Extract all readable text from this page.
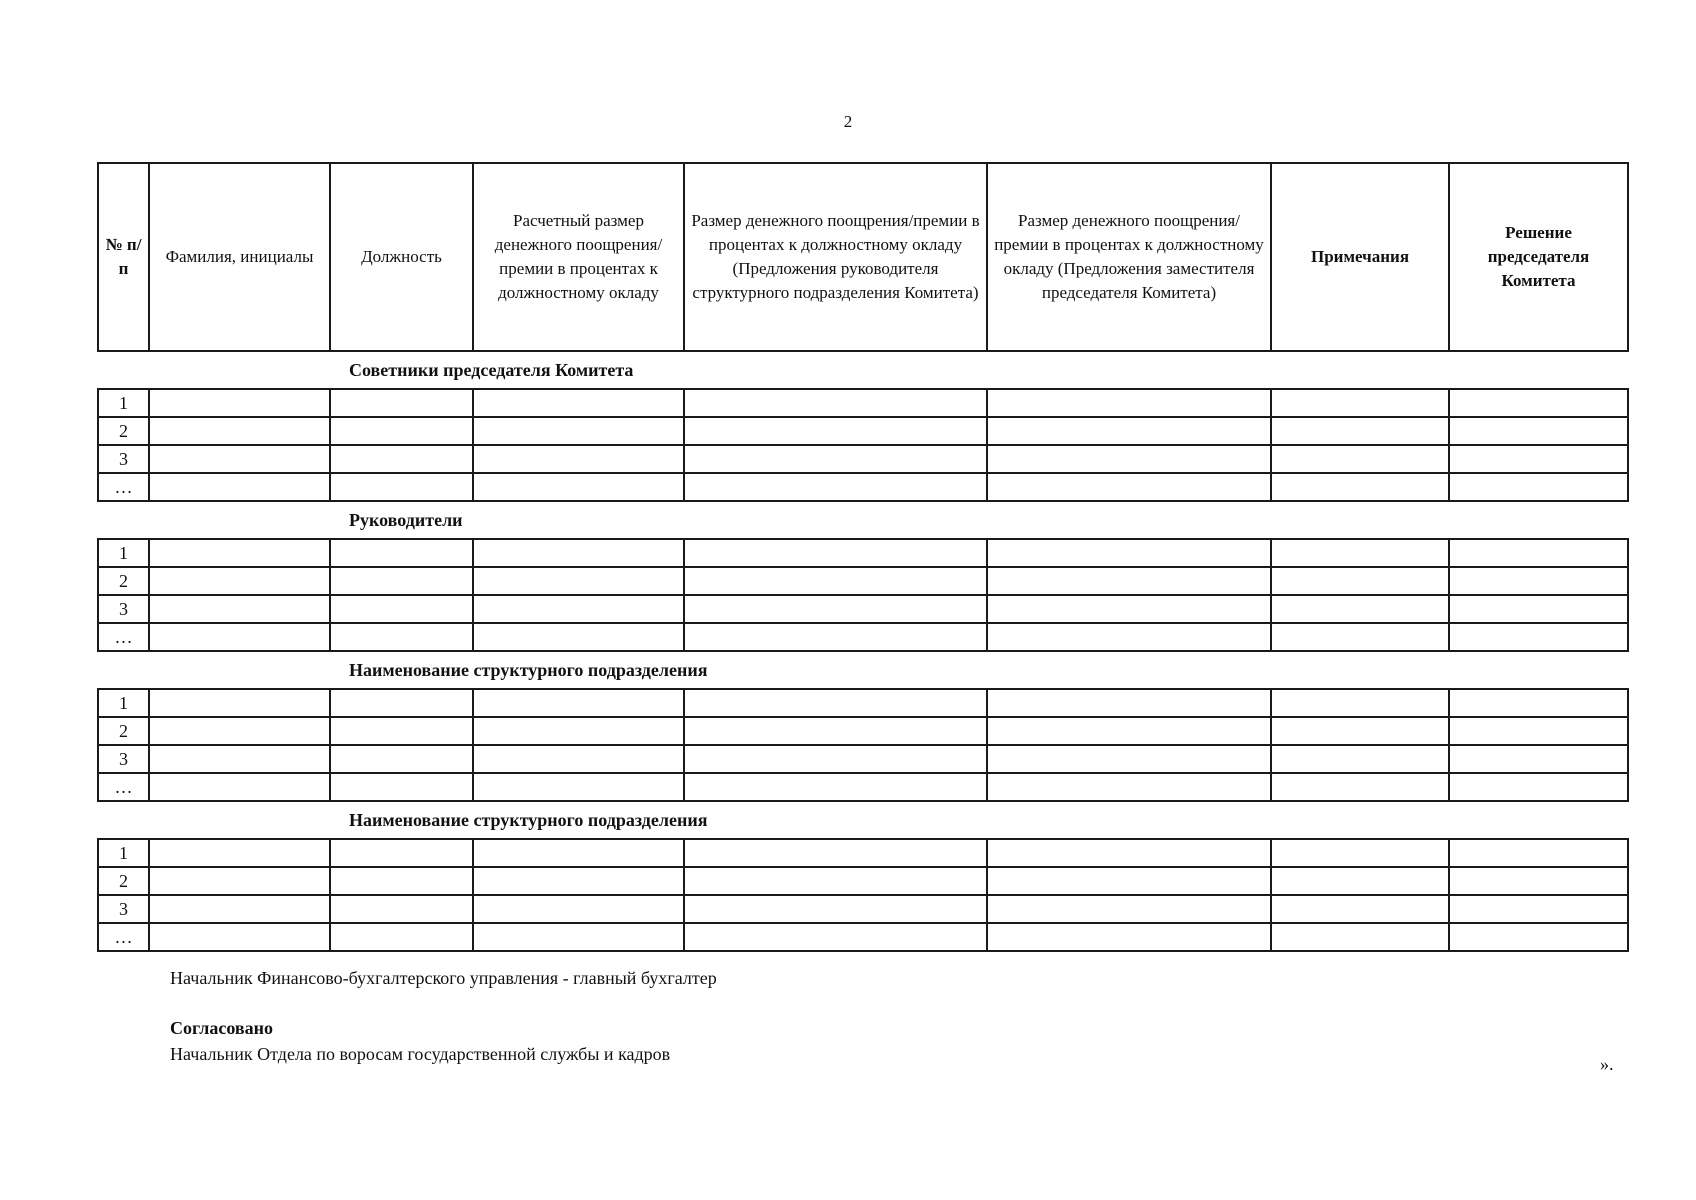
2
№ п/п	Фамилия, инициалы	Должность	Расчетный размер денежного поощрения/премии в процентах к должностному окладу	Размер денежного поощрения/премии в процентах к должностному окладу (Предложения руководителя структурного подразделения Комитета)	Размер денежного поощрения/премии в процентах к должностному окладу (Предложения заместителя председателя Комитета)	Примечания	Решение председателя Комитета
Советники председателя Комитета							
1							
2							
3							
…							
Руководители							
1							
2							
3							
…							
Наименование структурного подразделения							
1							
2							
3							
…							
Наименование структурного подразделения							
1							
2							
3							
…							
Начальник Финансово-бухгалтерского управления - главный бухгалтер
Согласовано
Начальник Отдела по воросам государственной службы и кадров	».
